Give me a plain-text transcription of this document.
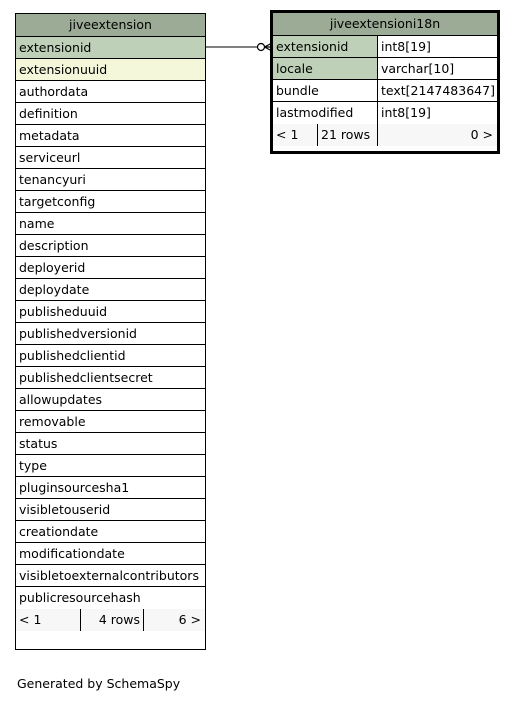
jiveextension
extensionid
extensionuuid
authordata
definition
metadata
serviceurl
tenancyuri
targetconfig
name
description
deployerid
deploydate
publisheduuid
publishedversionid
publishedclientid
publishedclientsecret
allowupdates
removable
status
type
pluginsourcesha1
visibletouserid
creationdate
modificationdate
visibletoexternalcontributors
publicresourcehash
< 1	4 rows	6 >
jiveextensioni18n
extensionid	int8[19]
locale	varchar[10]
bundle	text[2147483647]
lastmodified	int8[19]
< 1	21 rows	0 >
Generated by SchemaSpy
